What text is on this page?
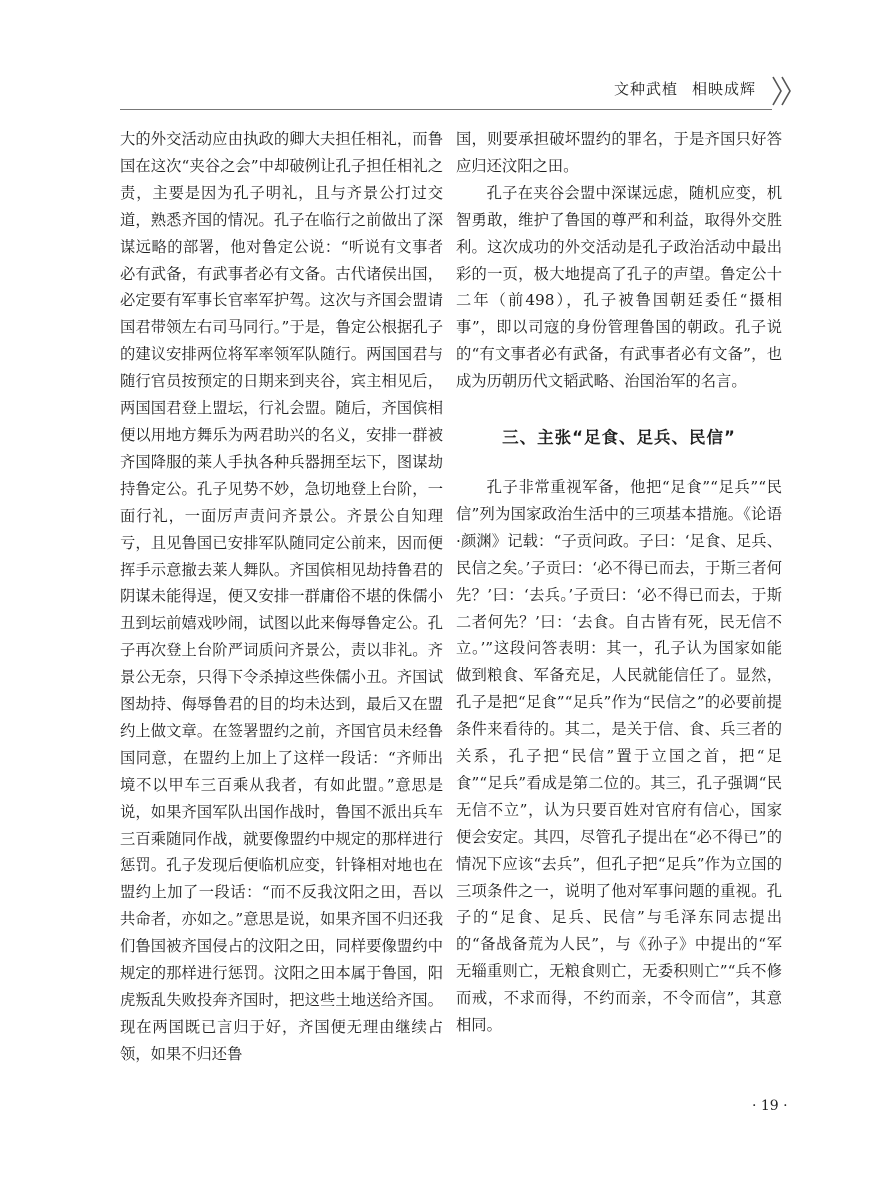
文种武植 相映成辉

大的外交活动应由执政的卿大夫担任相礼，而鲁国在这次“夹谷之会”中却破例让孔子担任相礼之责，主要是因为孔子明礼，且与齐景公打过交道，熟悉齐国的情况。孔子在临行之前做出了深谋远略的部署，他对鲁定公说：“听说有文事者必有武备，有武事者必有文备。古代诸侯出国，必定要有军事长官率军护驾。这次与齐国会盟请国君带领左右司马同行。”于是，鲁定公根据孔子的建议安排两位将军率领军队随行。两国国君与随行官员按预定的日期来到夹谷，宾主相见后，两国国君登上盟坛，行礼会盟。随后，齐国傧相便以用地方舞乐为两君助兴的名义，安排一群被齐国降服的莱人手执各种兵器拥至坛下，图谋劫持鲁定公。孔子见势不妙，急切地登上台阶，一面行礼，一面厉声责问齐景公。齐景公自知理亏，且见鲁国已安排军队随同定公前来，因而便挥手示意撤去莱人舞队。齐国傧相见劫持鲁君的阴谋未能得逞，便又安排一群庸俗不堪的侏儒小丑到坛前嬉戏吵闹，试图以此来侮辱鲁定公。孔子再次登上台阶严词质问齐景公，责以非礼。齐景公无奈，只得下令杀掉这些侏儒小丑。齐国试图劫持、侮辱鲁君的目的均未达到，最后又在盟约上做文章。在签署盟约之前，齐国官员未经鲁国同意，在盟约上加上了这样一段话：“齐师出境不以甲车三百乘从我者，有如此盟。”意思是说，如果齐国军队出国作战时，鲁国不派出兵车三百乘随同作战，就要像盟约中规定的那样进行惩罚。孔子发现后便临机应变，针锋相对地也在盟约上加了一段话：“而不反我汶阳之田，吾以共命者，亦如之。”意思是说，如果齐国不归还我们鲁国被齐国侵占的汶阳之田，同样要像盟约中规定的那样进行惩罚。汶阳之田本属于鲁国，阳虎叛乱失败投奔齐国时，把这些土地送给齐国。现在两国既已言归于好，齐国便无理由继续占领，如果不归还鲁

国，则要承担破坏盟约的罪名，于是齐国只好答应归还汶阳之田。

孔子在夹谷会盟中深谋远虑，随机应变，机智勇敢，维护了鲁国的尊严和利益，取得外交胜利。这次成功的外交活动是孔子政治活动中最出彩的一页，极大地提高了孔子的声望。鲁定公十二年（前498），孔子被鲁国朝廷委任“摄相事”，即以司寇的身份管理鲁国的朝政。孔子说的“有文事者必有武备，有武事者必有文备”，也成为历朝历代文韬武略、治国治军的名言。

三、主张“足食、足兵、民信”

孔子非常重视军备，他把“足食”“足兵”“民信”列为国家政治生活中的三项基本措施。《论语·颜渊》记载：“子贡问政。子曰：‘足食、足兵、民信之矣。’子贡曰：‘必不得已而去，于斯三者何先？’曰：‘去兵。’子贡曰：‘必不得已而去，于斯二者何先？’曰：‘去食。自古皆有死，民无信不立。’”这段问答表明：其一，孔子认为国家如能做到粮食、军备充足，人民就能信任了。显然，孔子是把“足食”“足兵”作为“民信之”的必要前提条件来看待的。其二，是关于信、食、兵三者的关系，孔子把“民信”置于立国之首，把“足食”“足兵”看成是第二位的。其三，孔子强调“民无信不立”，认为只要百姓对官府有信心，国家便会安定。其四，尽管孔子提出在“必不得已”的情况下应该“去兵”，但孔子把“足兵”作为立国的三项条件之一，说明了他对军事问题的重视。孔子的“足食、足兵、民信”与毛泽东同志提出的“备战备荒为人民”，与《孙子》中提出的“军无辎重则亡，无粮食则亡，无委积则亡”“兵不修而戒，不求而得，不约而亲，不令而信”，其意相同。

· 19 ·
